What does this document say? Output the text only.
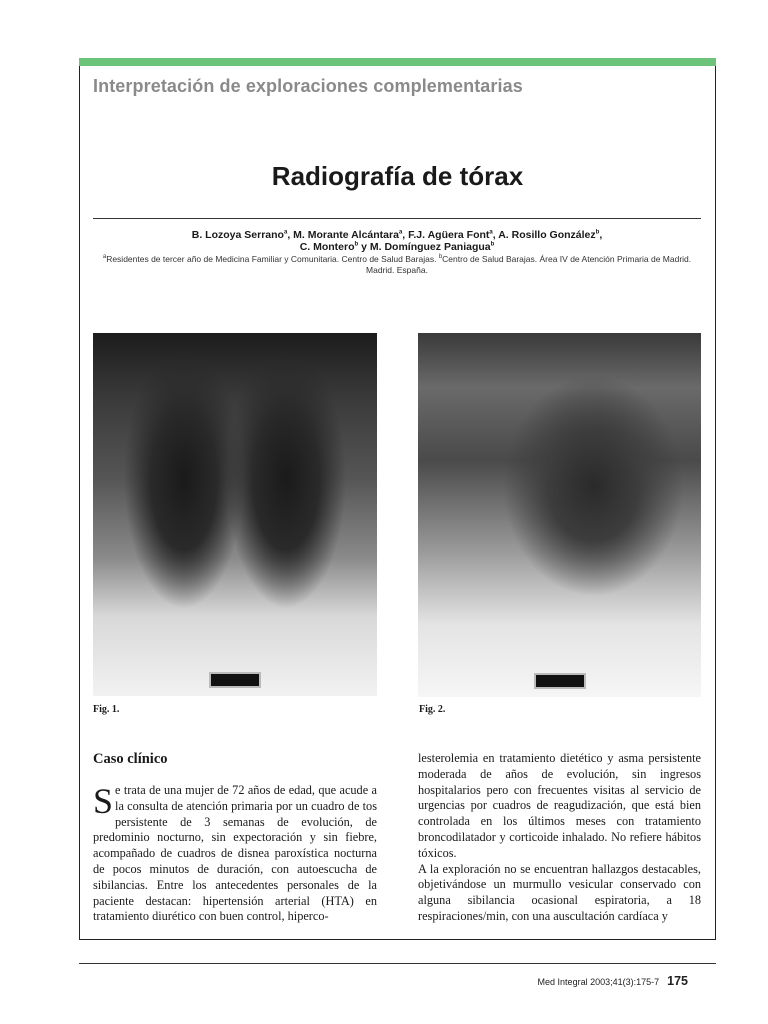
Interpretación de exploraciones complementarias
Radiografía de tórax
B. Lozoya Serrano$^a$, M. Morante Alcántara$^a$, F.J. Agüera Font$^a$, A. Rosillo González$^b$,
C. Montero$^b$ y M. Domínguez Paniagua$^b$
$^a$Residentes de tercer año de Medicina Familiar y Comunitaria. Centro de Salud Barajas. $^b$Centro de Salud Barajas. Área IV de Atención Primaria de Madrid. Madrid. España.
Fig. 1.	Fig. 2.
Caso clínico

Se trata de una mujer de 72 años de edad, que acude a la consulta de atención primaria por un cuadro de tos persistente de 3 semanas de evolución, de predominio nocturno, sin expectoración y sin fiebre, acompañado de cuadros de disnea paroxística nocturna de pocos minutos de duración, con autoescucha de sibilancias. Entre los antecedentes personales de la paciente destacan: hipertensión arterial (HTA) en tratamiento diurético con buen control, hiperco-

lesterolemia en tratamiento dietético y asma persistente moderada de años de evolución, sin ingresos hospitalarios pero con frecuentes visitas al servicio de urgencias por cuadros de reagudización, que está bien controlada en los últimos meses con tratamiento broncodilatador y corticoide inhalado. No refiere hábitos tóxicos.

A la exploración no se encuentran hallazgos destacables, objetivándose un murmullo vesicular conservado con alguna sibilancia ocasional espiratoria, a 18 respiraciones/min, con una auscultación cardíaca y

Med Integral 2003;41(3):175-7 175
